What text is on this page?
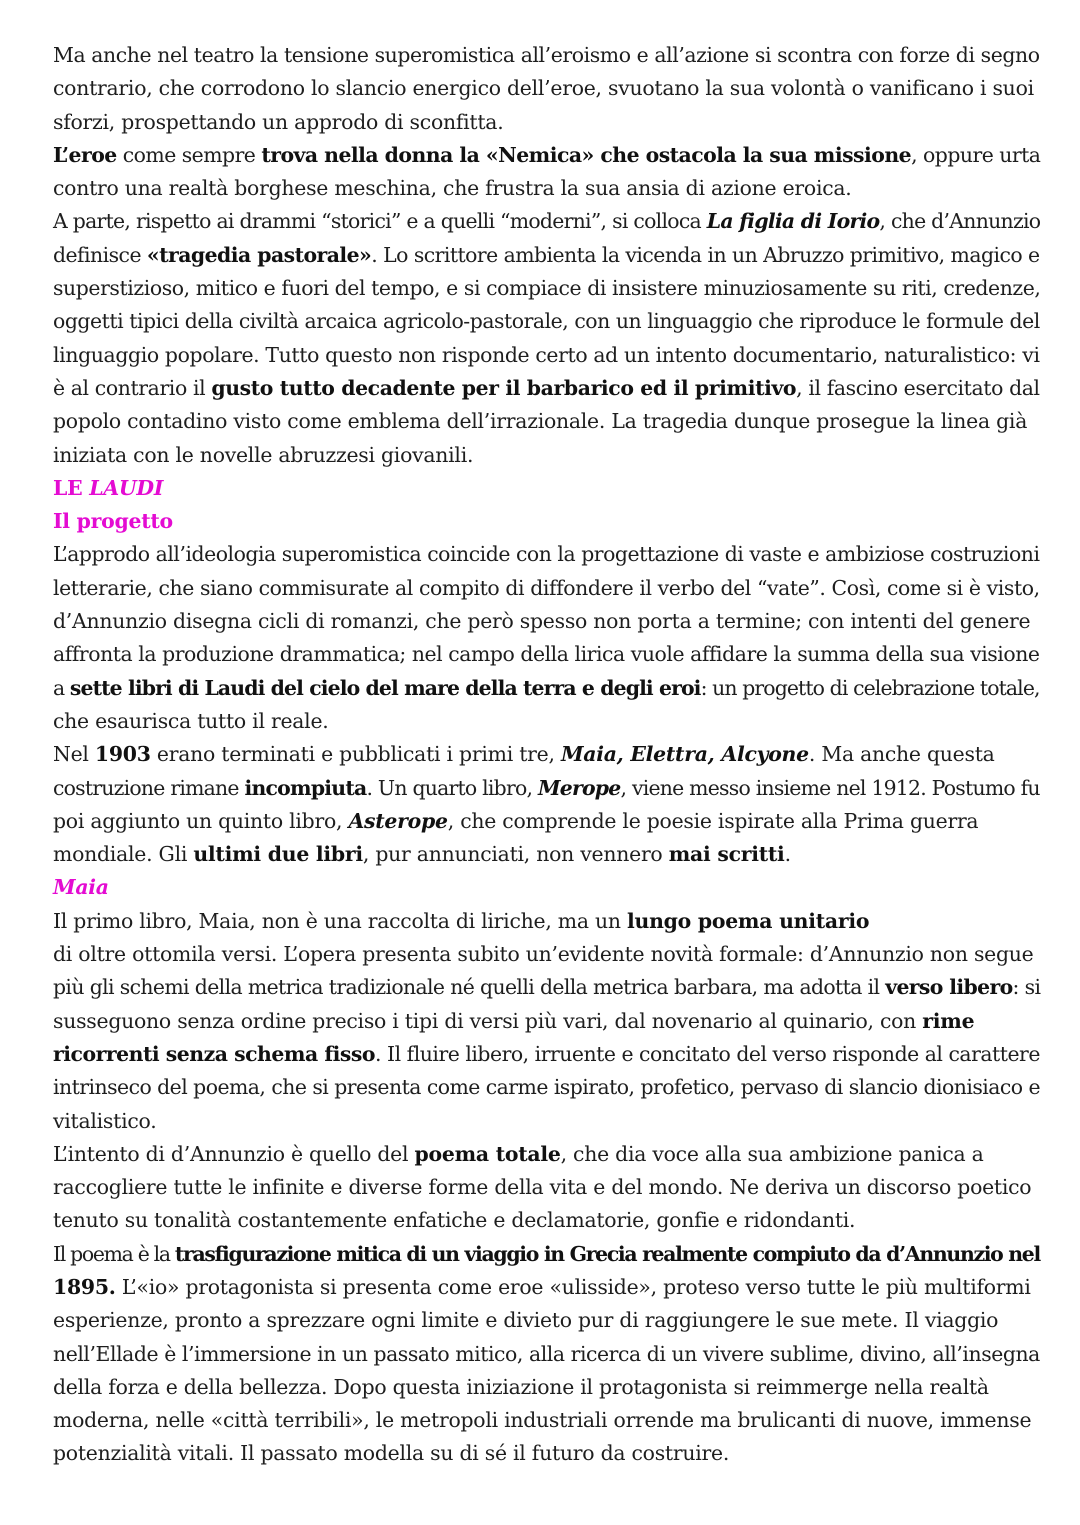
Ma anche nel teatro la tensione superomistica all’eroismo e all’azione si scontra con forze di segno
contrario, che corrodono lo slancio energico dell’eroe, svuotano la sua volontà o vanificano i suoi
sforzi, prospettando un approdo di sconfitta.
L’eroe come sempre trova nella donna la «Nemica» che ostacola la sua missione, oppure urta
contro una realtà borghese meschina, che frustra la sua ansia di azione eroica.
A parte, rispetto ai drammi “storici” e a quelli “moderni”, si colloca La figlia di Iorio, che d’Annunzio
definisce «tragedia pastorale». Lo scrittore ambienta la vicenda in un Abruzzo primitivo, magico e
superstizioso, mitico e fuori del tempo, e si compiace di insistere minuziosamente su riti, credenze,
oggetti tipici della civiltà arcaica agricolo-pastorale, con un linguaggio che riproduce le formule del
linguaggio popolare. Tutto questo non risponde certo ad un intento documentario, naturalistico: vi
è al contrario il gusto tutto decadente per il barbarico ed il primitivo, il fascino esercitato dal
popolo contadino visto come emblema dell’irrazionale. La tragedia dunque prosegue la linea già
iniziata con le novelle abruzzesi giovanili.
LE LAUDI
Il progetto
L’approdo all’ideologia superomistica coincide con la progettazione di vaste e ambiziose costruzioni
letterarie, che siano commisurate al compito di diffondere il verbo del “vate”. Così, come si è visto,
d’Annunzio disegna cicli di romanzi, che però spesso non porta a termine; con intenti del genere
affronta la produzione drammatica; nel campo della lirica vuole affidare la summa della sua visione
a sette libri di Laudi del cielo del mare della terra e degli eroi: un progetto di celebrazione totale,
che esaurisca tutto il reale.
Nel 1903 erano terminati e pubblicati i primi tre, Maia, Elettra, Alcyone. Ma anche questa
costruzione rimane incompiuta. Un quarto libro, Merope, viene messo insieme nel 1912. Postumo fu
poi aggiunto un quinto libro, Asterope, che comprende le poesie ispirate alla Prima guerra
mondiale. Gli ultimi due libri, pur annunciati, non vennero mai scritti.
Maia
Il primo libro, Maia, non è una raccolta di liriche, ma un lungo poema unitario
di oltre ottomila versi. L’opera presenta subito un’evidente novità formale: d’Annunzio non segue
più gli schemi della metrica tradizionale né quelli della metrica barbara, ma adotta il verso libero: si
susseguono senza ordine preciso i tipi di versi più vari, dal novenario al quinario, con rime
ricorrenti senza schema fisso. Il fluire libero, irruente e concitato del verso risponde al carattere
intrinseco del poema, che si presenta come carme ispirato, profetico, pervaso di slancio dionisiaco e
vitalistico.
L’intento di d’Annunzio è quello del poema totale, che dia voce alla sua ambizione panica a
raccogliere tutte le infinite e diverse forme della vita e del mondo. Ne deriva un discorso poetico
tenuto su tonalità costantemente enfatiche e declamatorie, gonfie e ridondanti.
Il poema è la trasfigurazione mitica di un viaggio in Grecia realmente compiuto da d’Annunzio nel
1895. L’«io» protagonista si presenta come eroe «ulisside», proteso verso tutte le più multiformi
esperienze, pronto a sprezzare ogni limite e divieto pur di raggiungere le sue mete. Il viaggio
nell’Ellade è l’immersione in un passato mitico, alla ricerca di un vivere sublime, divino, all’insegna
della forza e della bellezza. Dopo questa iniziazione il protagonista si reimmerge nella realtà
moderna, nelle «città terribili», le metropoli industriali orrende ma brulicanti di nuove, immense
potenzialità vitali. Il passato modella su di sé il futuro da costruire.
